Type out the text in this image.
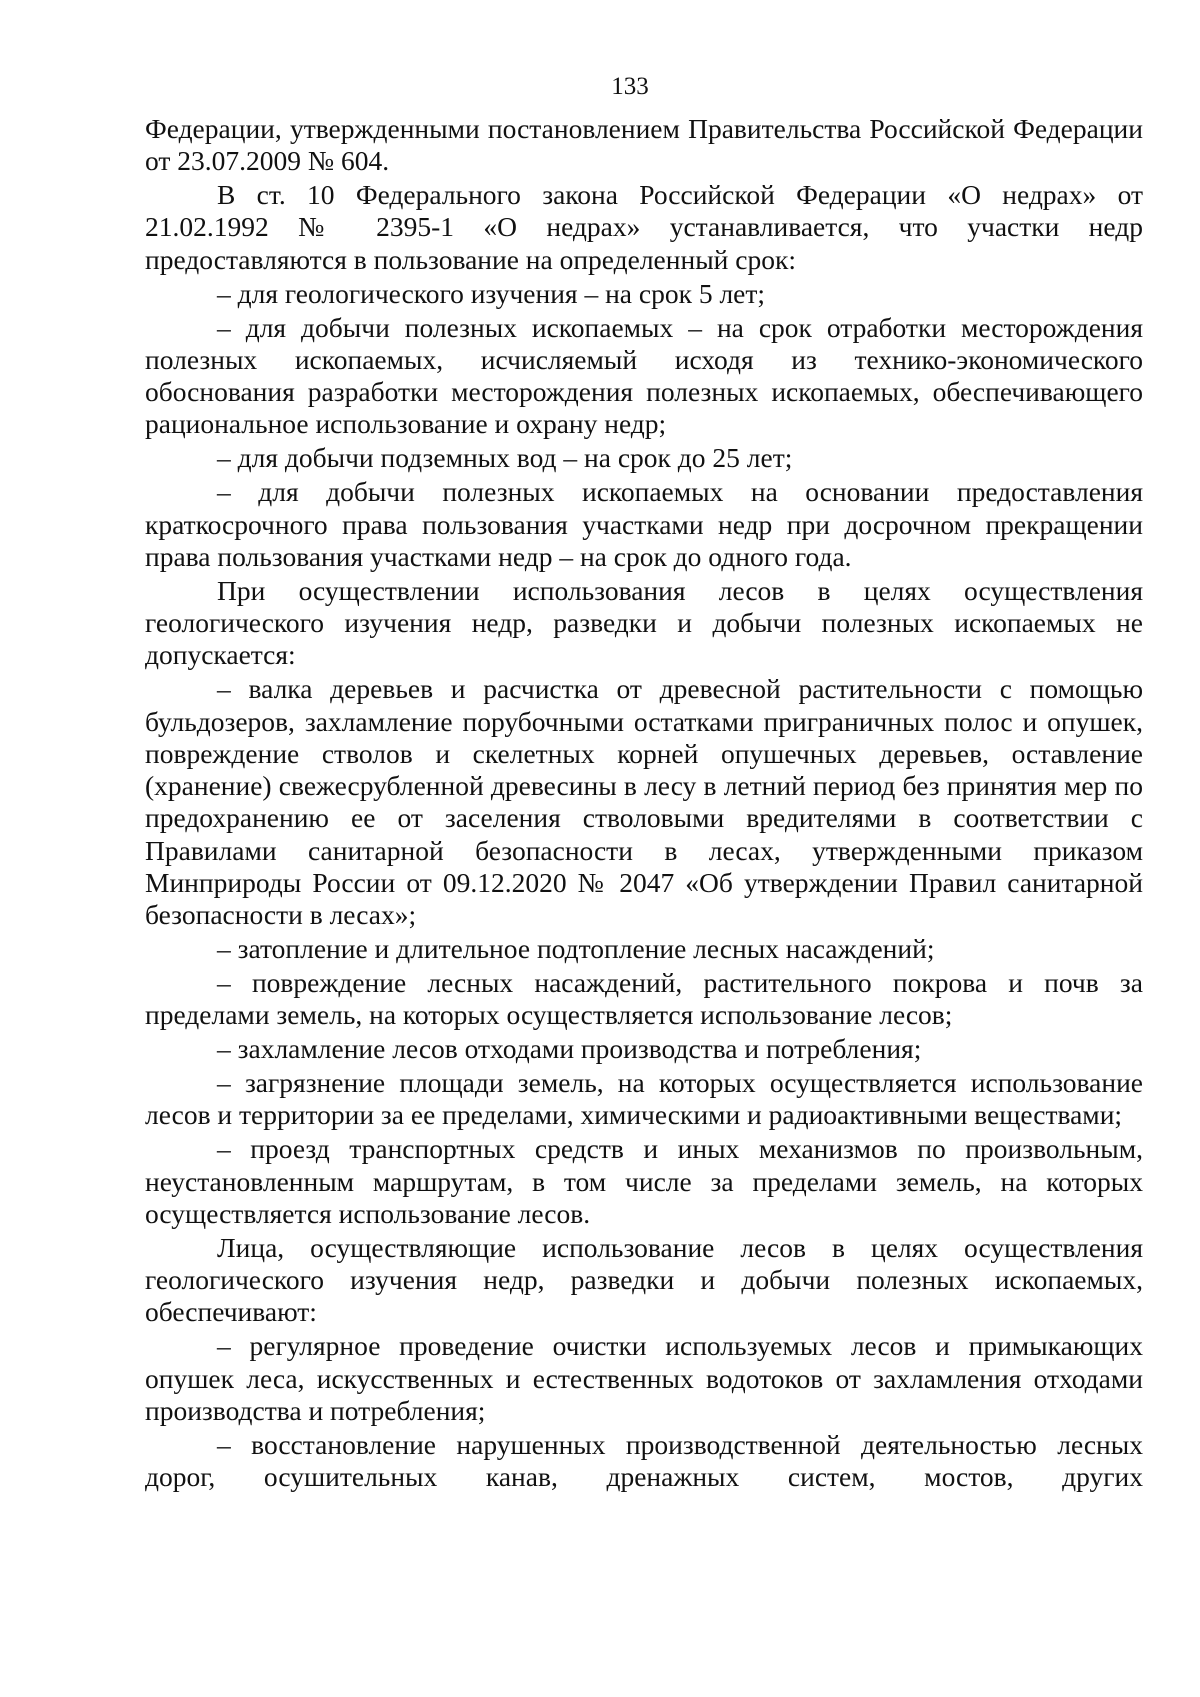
133

Федерации, утвержденными постановлением Правительства Российской Федерации от 23.07.2009 № 604.

В ст. 10 Федерального закона Российской Федерации «О недрах» от 21.02.1992 № 2395-1 «О недрах» устанавливается, что участки недр предоставляются в пользование на определенный срок:

– для геологического изучения – на срок 5 лет;

– для добычи полезных ископаемых – на срок отработки месторождения полезных ископаемых, исчисляемый исходя из технико-экономического обоснования разработки месторождения полезных ископаемых, обеспечивающего рациональное использование и охрану недр;

– для добычи подземных вод – на срок до 25 лет;

– для добычи полезных ископаемых на основании предоставления краткосрочного права пользования участками недр при досрочном прекращении права пользования участками недр – на срок до одного года.

При осуществлении использования лесов в целях осуществления геологического изучения недр, разведки и добычи полезных ископаемых не допускается:

– валка деревьев и расчистка от древесной растительности с помощью бульдозеров, захламление порубочными остатками приграничных полос и опушек, повреждение стволов и скелетных корней опушечных деревьев, оставление (хранение) свежесрубленной древесины в лесу в летний период без принятия мер по предохранению ее от заселения стволовыми вредителями в соответствии с Правилами санитарной безопасности в лесах, утвержденными приказом Минприроды России от 09.12.2020 № 2047 «Об утверждении Правил санитарной безопасности в лесах»;

– затопление и длительное подтопление лесных насаждений;

– повреждение лесных насаждений, растительного покрова и почв за пределами земель, на которых осуществляется использование лесов;

– захламление лесов отходами производства и потребления;

– загрязнение площади земель, на которых осуществляется использование лесов и территории за ее пределами, химическими и радиоактивными веществами;

– проезд транспортных средств и иных механизмов по произвольным, неустановленным маршрутам, в том числе за пределами земель, на которых осуществляется использование лесов.

Лица, осуществляющие использование лесов в целях осуществления геологического изучения недр, разведки и добычи полезных ископаемых, обеспечивают:

– регулярное проведение очистки используемых лесов и примыкающих опушек леса, искусственных и естественных водотоков от захламления отходами производства и потребления;

– восстановление нарушенных производственной деятельностью лесных дорог, осушительных канав, дренажных систем, мостов, других
